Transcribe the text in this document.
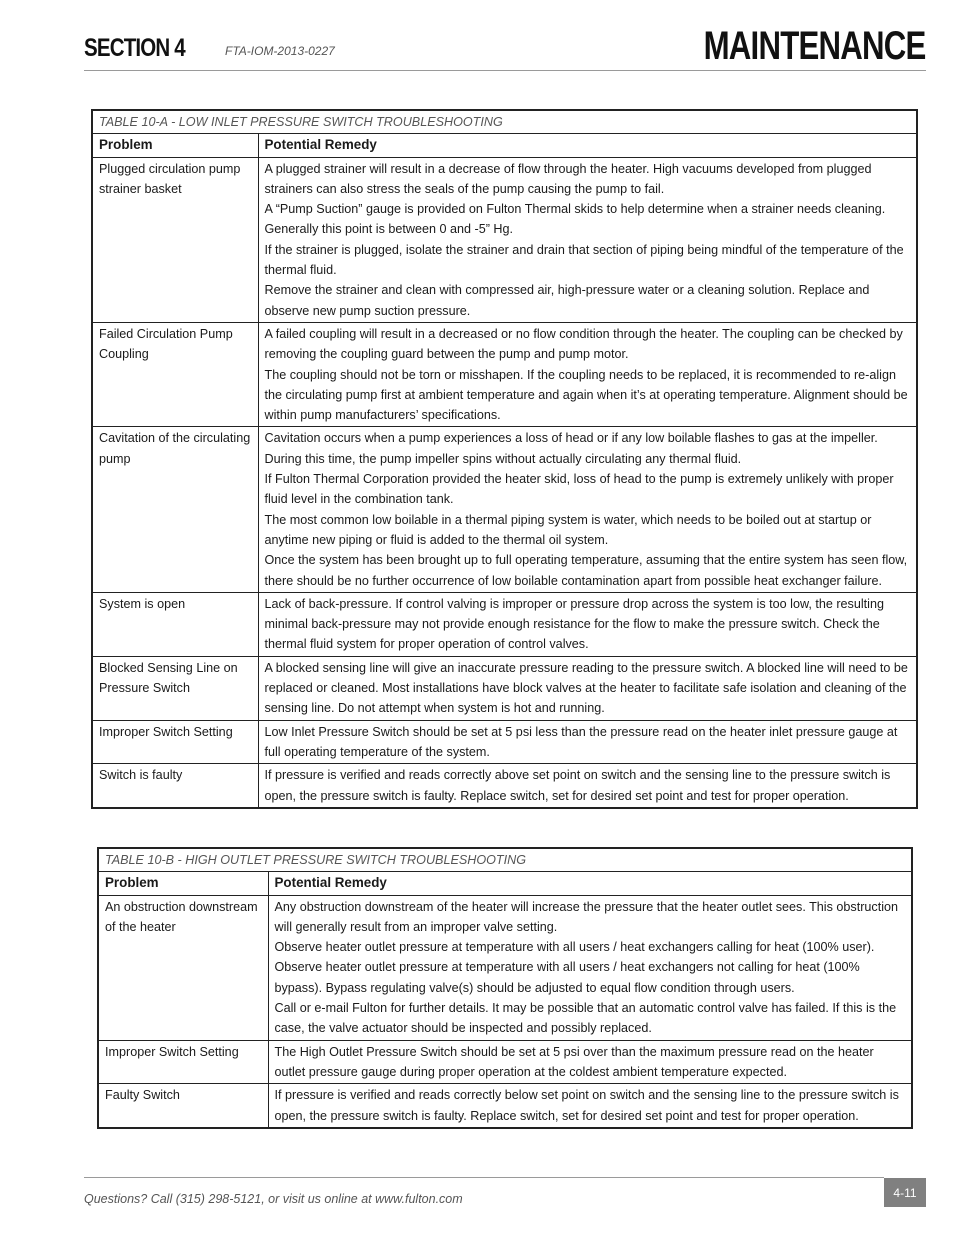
SECTION 4	FTA-IOM-2013-0227	MAINTENANCE
TABLE 10-A - LOW INLET PRESSURE SWITCH TROUBLESHOOTING	
Problem	Potential Remedy
Plugged circulation pump strainer basket	A plugged strainer will result in a decrease of flow through the heater. High vacuums developed from plugged strainers can also stress the seals of the pump causing the pump to fail.

A “Pump Suction” gauge is provided on Fulton Thermal skids to help determine when a strainer needs cleaning. Generally this point is between 0 and -5” Hg.

If the strainer is plugged, isolate the strainer and drain that section of piping being mindful of the temperature of the thermal fluid.

Remove the strainer and clean with compressed air, high-pressure water or a cleaning solution. Replace and observe new pump suction pressure.

Failed Circulation Pump Coupling	A failed coupling will result in a decreased or no flow condition through the heater. The coupling can be checked by removing the coupling guard between the pump and pump motor.

The coupling should not be torn or misshapen. If the coupling needs to be replaced, it is recommended to re-align the circulating pump first at ambient temperature and again when it’s at operating temperature. Alignment should be within pump manufacturers’ specifications.

Cavitation of the circulating pump	Cavitation occurs when a pump experiences a loss of head or if any low boilable flashes to gas at the impeller. During this time, the pump impeller spins without actually circulating any thermal fluid.

If Fulton Thermal Corporation provided the heater skid, loss of head to the pump is extremely unlikely with proper fluid level in the combination tank.

The most common low boilable in a thermal piping system is water, which needs to be boiled out at startup or anytime new piping or fluid is added to the thermal oil system.

Once the system has been brought up to full operating temperature, assuming that the entire system has seen flow, there should be no further occurrence of low boilable contamination apart from possible heat exchanger failure.

System is open	Lack of back-pressure. If control valving is improper or pressure drop across the system is too low, the resulting minimal back-pressure may not provide enough resistance for the flow to make the pressure switch. Check the thermal fluid system for proper operation of control valves.

Blocked Sensing Line on Pressure Switch	A blocked sensing line will give an inaccurate pressure reading to the pressure switch. A blocked line will need to be replaced or cleaned. Most installations have block valves at the heater to facilitate safe isolation and cleaning of the sensing line. Do not attempt when system is hot and running.

Improper Switch Setting	Low Inlet Pressure Switch should be set at 5 psi less than the pressure read on the heater inlet pressure gauge at full operating temperature of the system.

Switch is faulty	If pressure is verified and reads correctly above set point on switch and the sensing line to the pressure switch is open, the pressure switch is faulty. Replace switch, set for desired set point and test for proper operation.

TABLE 10-B - HIGH OUTLET PRESSURE SWITCH TROUBLESHOOTING	
Problem	Potential Remedy
An obstruction downstream of the heater	Any obstruction downstream of the heater will increase the pressure that the heater outlet sees. This obstruction will generally result from an improper valve setting.

Observe heater outlet pressure at temperature with all users / heat exchangers calling for heat (100% user).

Observe heater outlet pressure at temperature with all users / heat exchangers not calling for heat (100% bypass). Bypass regulating valve(s) should be adjusted to equal flow condition through users.

Call or e-mail Fulton for further details. It may be possible that an automatic control valve has failed. If this is the case, the valve actuator should be inspected and possibly replaced.

Improper Switch Setting	The High Outlet Pressure Switch should be set at 5 psi over than the maximum pressure read on the heater outlet pressure gauge during proper operation at the coldest ambient temperature expected.

Faulty Switch	If pressure is verified and reads correctly below set point on switch and the sensing line to the pressure switch is open, the pressure switch is faulty. Replace switch, set for desired set point and test for proper operation.

Questions? Call (315) 298-5121, or visit us online at www.fulton.com	4-11
